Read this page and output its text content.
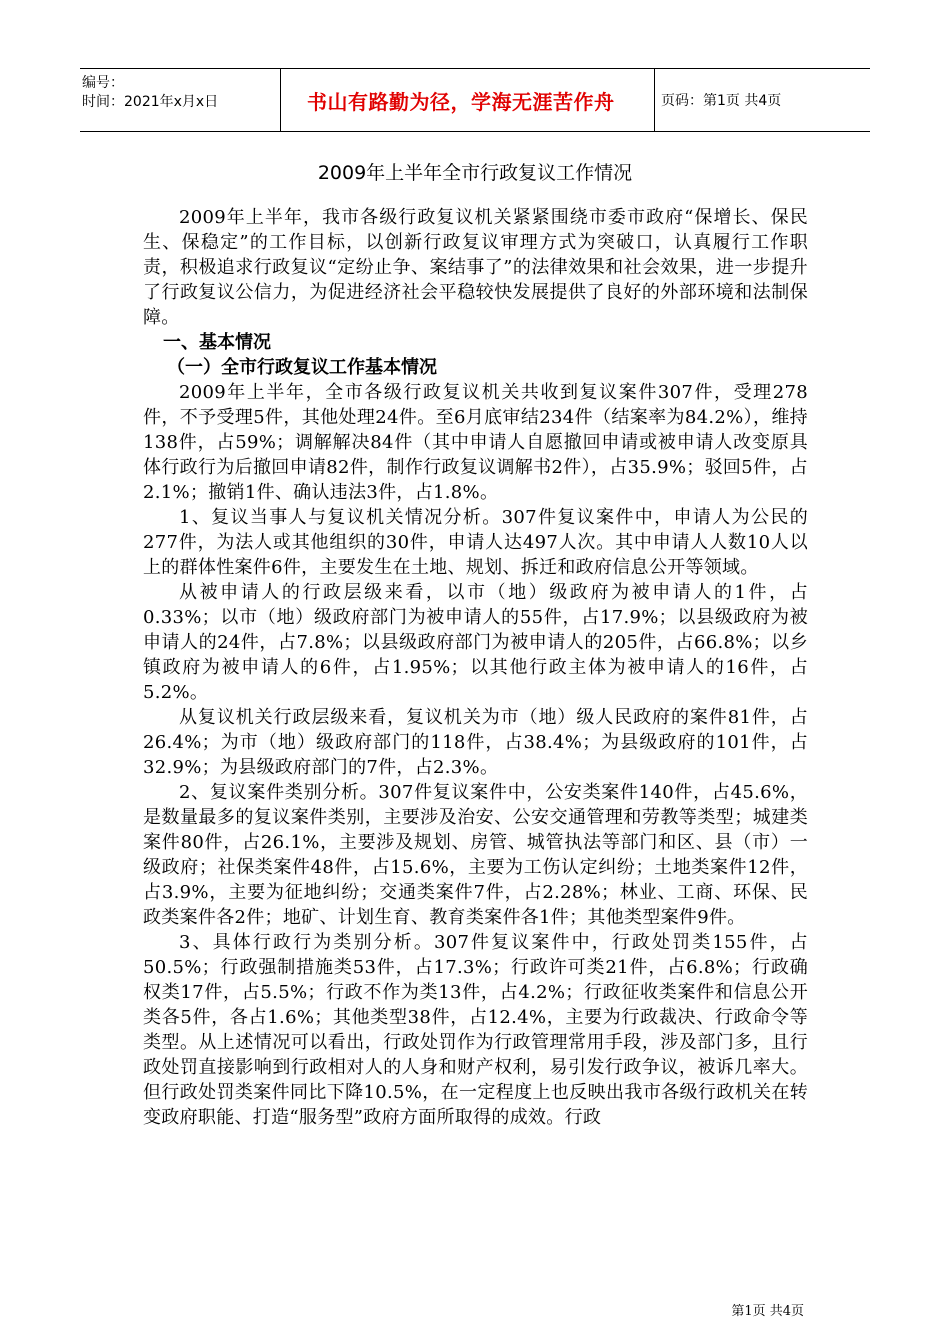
编号：
时间：2021年x月x日	书山有路勤为径，学海无涯苦作舟	页码：第1页 共4页
2009年上半年全市行政复议工作情况

2009年上半年，我市各级行政复议机关紧紧围绕市委市政府“保增长、保民生、保稳定”的工作目标，以创新行政复议审理方式为突破口，认真履行工作职责，积极追求行政复议“定纷止争、案结事了”的法律效果和社会效果，进一步提升了行政复议公信力，为促进经济社会平稳较快发展提供了良好的外部环境和法制保障。

一、基本情况

（一）全市行政复议工作基本情况

2009年上半年，全市各级行政复议机关共收到复议案件307件，受理278件，不予受理5件，其他处理24件。至6月底审结234件（结案率为84.2%），维持138件，占59%；调解解决84件（其中申请人自愿撤回申请或被申请人改变原具体行政行为后撤回申请82件，制作行政复议调解书2件），占35.9%；驳回5件，占2.1%；撤销1件、确认违法3件，占1.8%。

1、复议当事人与复议机关情况分析。307件复议案件中，申请人为公民的277件，为法人或其他组织的30件，申请人达497人次。其中申请人人数10人以上的群体性案件6件，主要发生在土地、规划、拆迁和政府信息公开等领域。

从被申请人的行政层级来看，以市（地）级政府为被申请人的1件，占0.33%；以市（地）级政府部门为被申请人的55件，占17.9%；以县级政府为被申请人的24件，占7.8%；以县级政府部门为被申请人的205件，占66.8%；以乡镇政府为被申请人的6件，占1.95%；以其他行政主体为被申请人的16件，占5.2%。

从复议机关行政层级来看，复议机关为市（地）级人民政府的案件81件，占26.4%；为市（地）级政府部门的118件，占38.4%；为县级政府的101件，占32.9%；为县级政府部门的7件，占2.3%。

2、复议案件类别分析。307件复议案件中，公安类案件140件，占45.6%，是数量最多的复议案件类别，主要涉及治安、公安交通管理和劳教等类型；城建类案件80件，占26.1%，主要涉及规划、房管、城管执法等部门和区、县（市）一级政府；社保类案件48件，占15.6%，主要为工伤认定纠纷；土地类案件12件，占3.9%，主要为征地纠纷；交通类案件7件，占2.28%；林业、工商、环保、民政类案件各2件；地矿、计划生育、教育类案件各1件；其他类型案件9件。

3、具体行政行为类别分析。307件复议案件中，行政处罚类155件，占50.5%；行政强制措施类53件，占17.3%；行政许可类21件，占6.8%；行政确权类17件，占5.5%；行政不作为类13件，占4.2%；行政征收类案件和信息公开类各5件，各占1.6%；其他类型38件，占12.4%，主要为行政裁决、行政命令等类型。从上述情况可以看出，行政处罚作为行政管理常用手段，涉及部门多，且行政处罚直接影响到行政相对人的人身和财产权利，易引发行政争议，被诉几率大。但行政处罚类案件同比下降10.5%，在一定程度上也反映出我市各级行政机关在转变政府职能、打造“服务型”政府方面所取得的成效。行政

第1页 共4页
